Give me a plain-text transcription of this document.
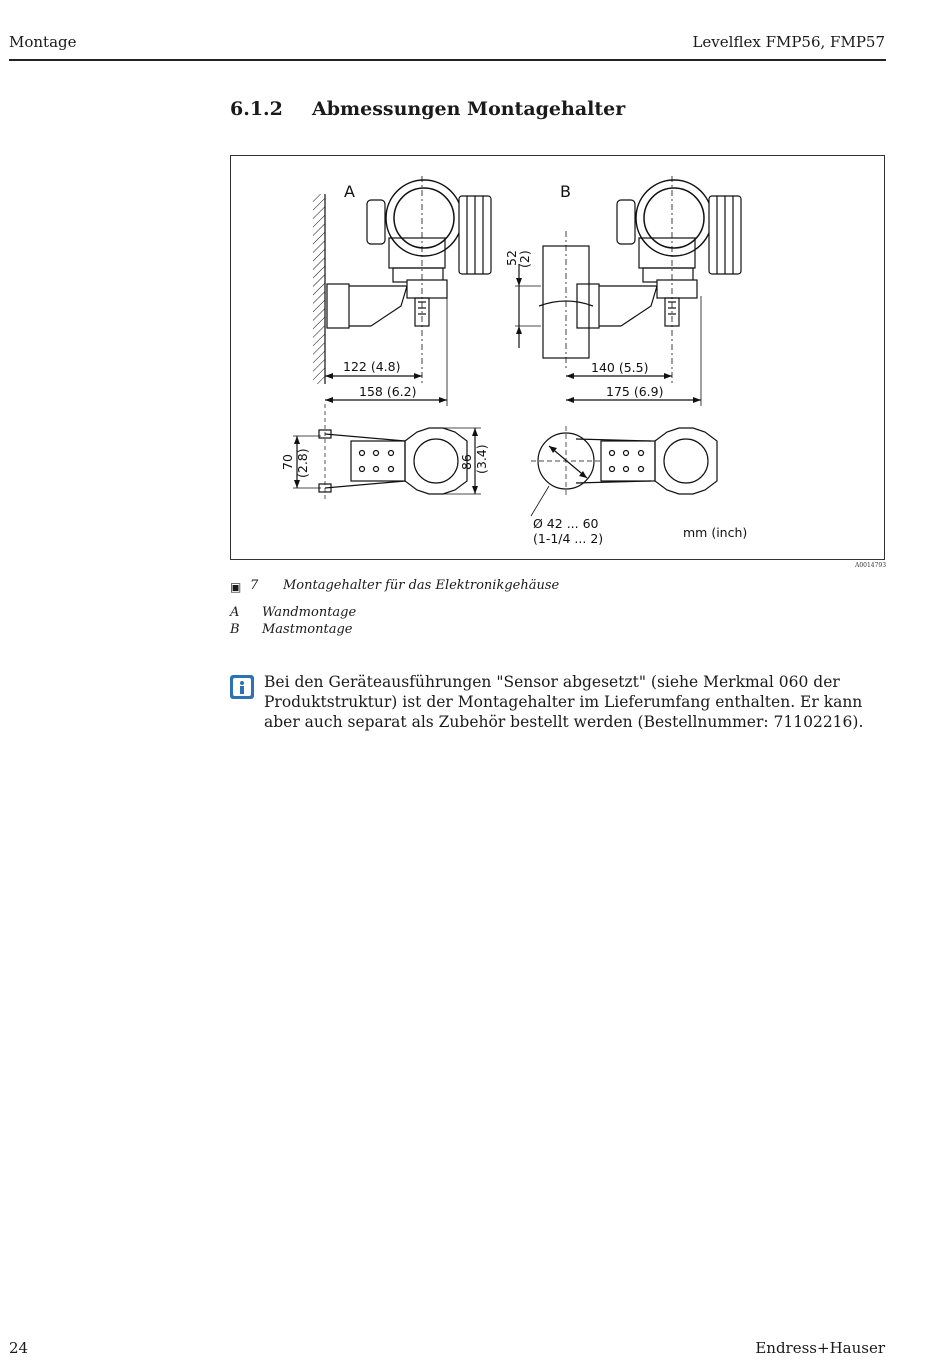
Montage	Levelflex FMP56, FMP57
6.1.2 Abmessungen Montagehalter
A	B
122 (4.8)
158 (6.2)
140 (5.5)
175 (6.9)
52
(2)
70 (2.8)	86 (3.4)
Ø 42 ... 60
(1-1/4 ... 2)	mm (inch)
A0014793
▣ 7 Montagehalter für das Elektronikgehäuse
A Wandmontage
B Mastmontage
Bei den Geräteausführungen "Sensor abgesetzt" (siehe Merkmal 060 der Produktstruktur) ist der Montagehalter im Lieferumfang enthalten. Er kann aber auch separat als Zubehör bestellt werden (Bestellnummer: 71102216).
24	Endress+Hauser
